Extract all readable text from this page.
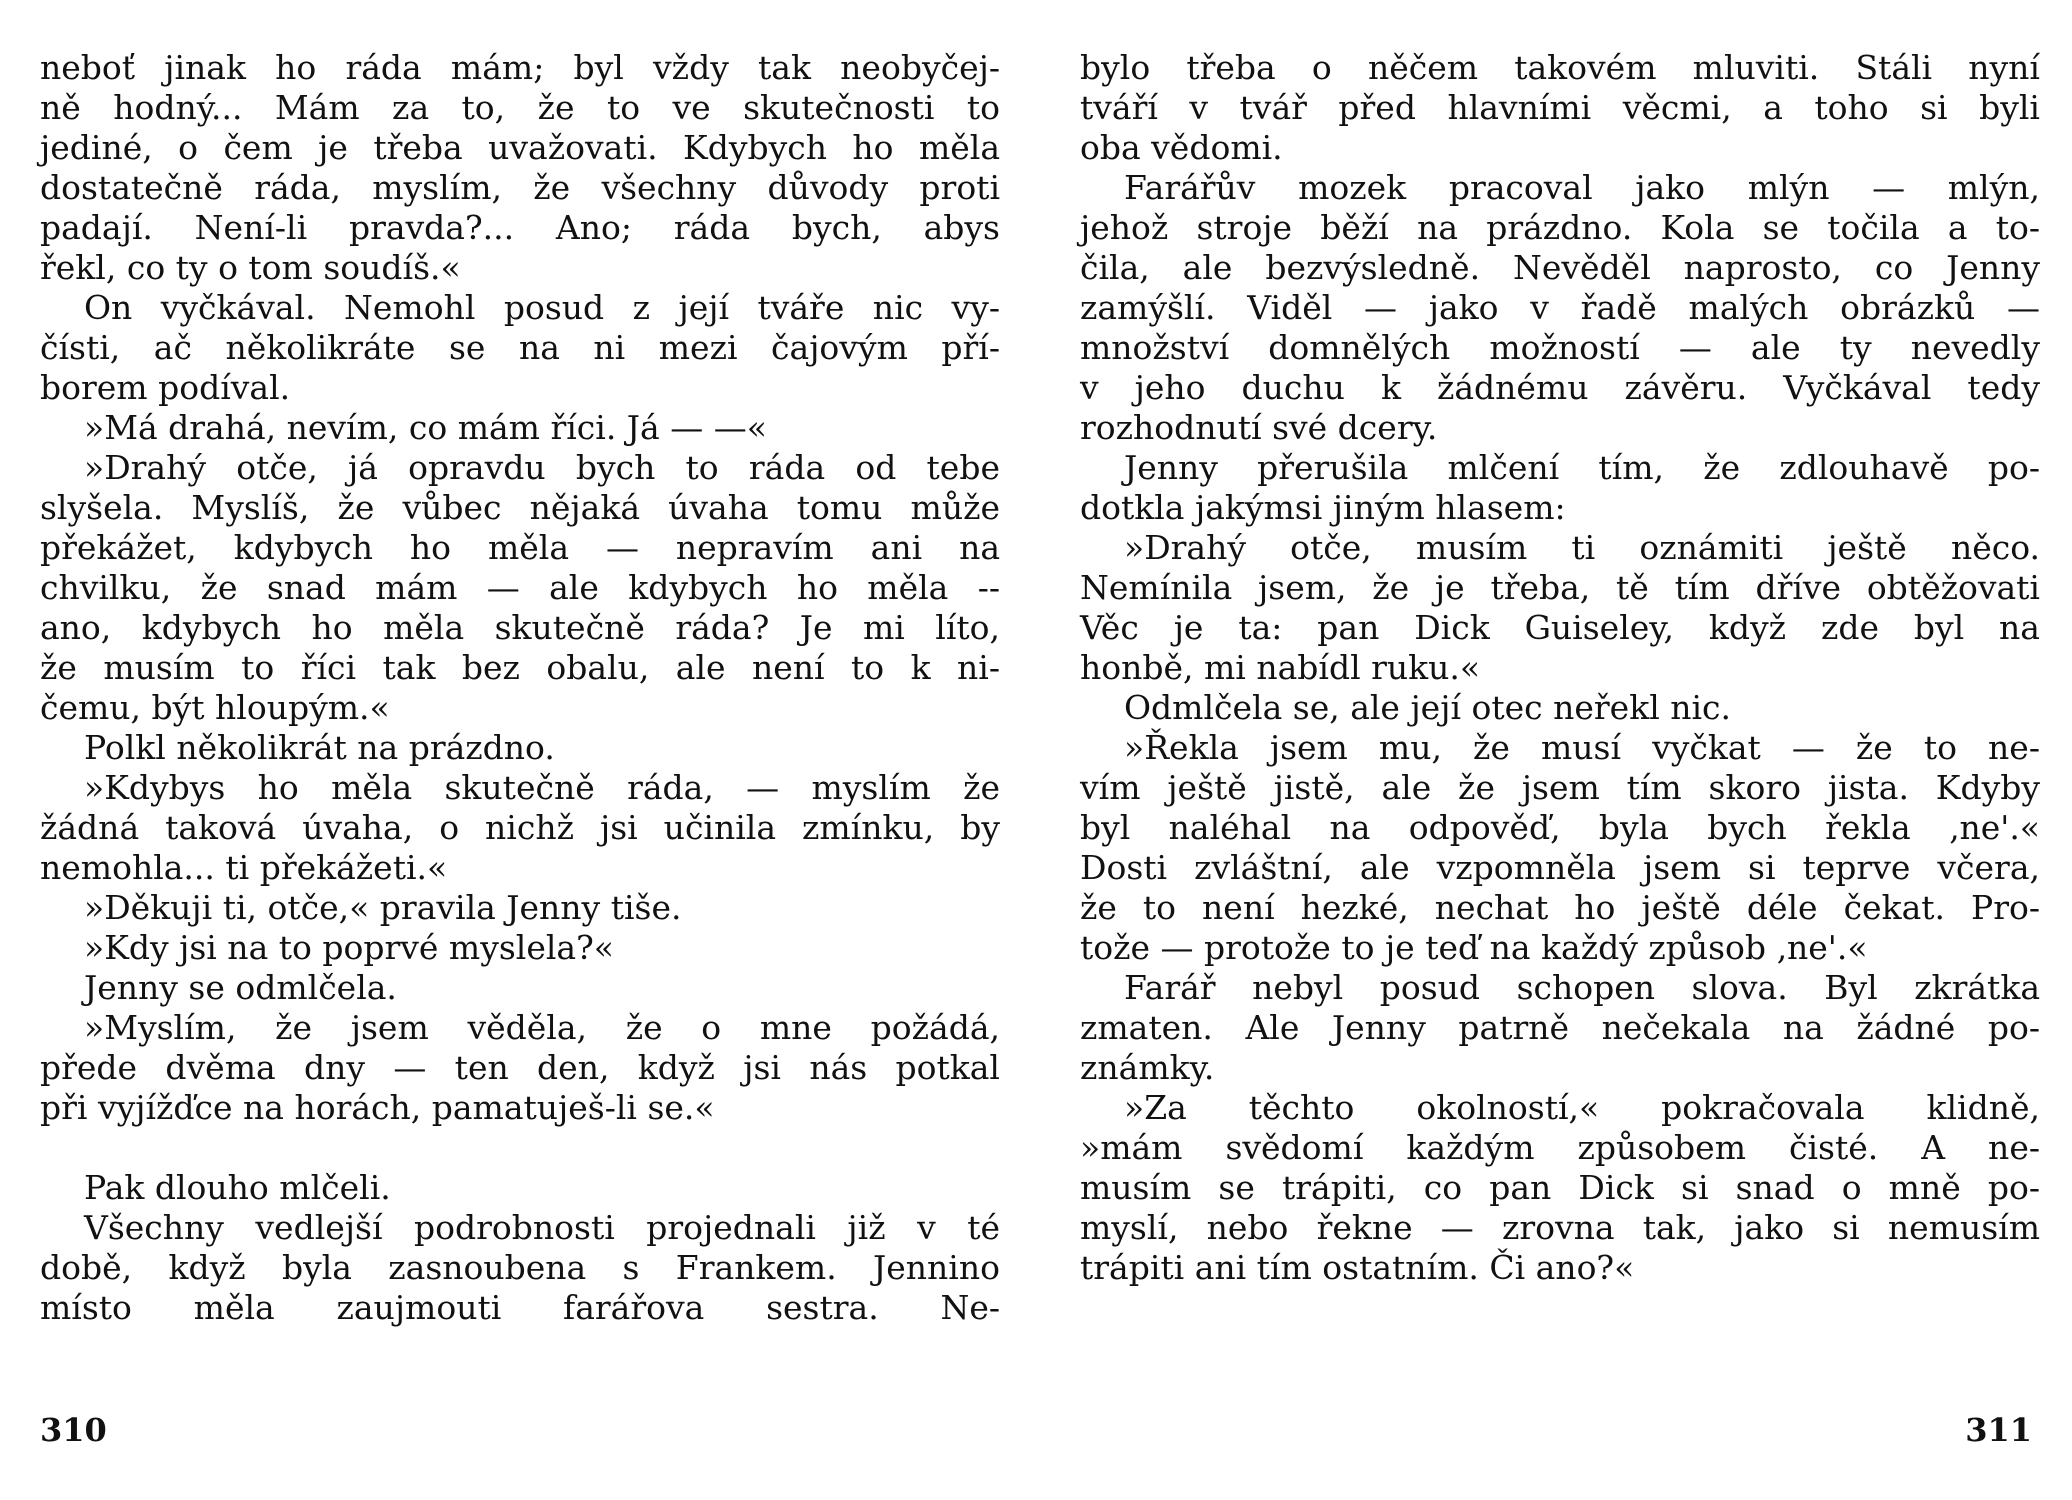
neboť jinak ho ráda mám; byl vždy tak neobyčej-
ně hodný... Mám za to, že to ve skutečnosti to
jediné, o čem je třeba uvažovati. Kdybych ho měla
dostatečně ráda, myslím, že všechny důvody proti
padají. Není-li pravda?... Ano; ráda bych, abys
řekl, co ty o tom soudíš.«
On vyčkával. Nemohl posud z její tváře nic vy-
čísti, ač několikráte se na ni mezi čajovým pří-
borem podíval.
»Má drahá, nevím, co mám říci. Já — —«
»Drahý otče, já opravdu bych to ráda od tebe
slyšela. Myslíš, že vůbec nějaká úvaha tomu může
překážet, kdybych ho měla — nepravím ani na
chvilku, že snad mám — ale kdybych ho měla --
ano, kdybych ho měla skutečně ráda? Je mi líto,
že musím to říci tak bez obalu, ale není to k ni-
čemu, být hloupým.«
Polkl několikrát na prázdno.
»Kdybys ho měla skutečně ráda, — myslím že
žádná taková úvaha, o nichž jsi učinila zmínku, by
nemohla... ti překážeti.«
»Děkuji ti, otče,« pravila Jenny tiše.
»Kdy jsi na to poprvé myslela?«
Jenny se odmlčela.
»Myslím, že jsem věděla, že o mne požádá,
přede dvěma dny — ten den, když jsi nás potkal
při vyjížďce na horách, pamatuješ-li se.«
Pak dlouho mlčeli.
Všechny vedlejší podrobnosti projednali již v té
době, když byla zasnoubena s Frankem. Jennino
místo měla zaujmouti farářova sestra. Ne-
310
bylo třeba o něčem takovém mluviti. Stáli nyní
tváří v tvář před hlavními věcmi, a toho si byli
oba vědomi.
Farářův mozek pracoval jako mlýn — mlýn,
jehož stroje běží na prázdno. Kola se točila a to-
čila, ale bezvýsledně. Nevěděl naprosto, co Jenny
zamýšlí. Viděl — jako v řadě malých obrázků —
množství domnělých možností — ale ty nevedly
v jeho duchu k žádnému závěru. Vyčkával tedy
rozhodnutí své dcery.
Jenny přerušila mlčení tím, že zdlouhavě po-
dotkla jakýmsi jiným hlasem:
»Drahý otče, musím ti oznámiti ještě něco.
Nemínila jsem, že je třeba, tě tím dříve obtěžovati
Věc je ta: pan Dick Guiseley, když zde byl na
honbě, mi nabídl ruku.«
Odmlčela se, ale její otec neřekl nic.
»Řekla jsem mu, že musí vyčkat — že to ne-
vím ještě jistě, ale že jsem tím skoro jista. Kdyby
byl naléhal na odpověď, byla bych řekla ‚ne'.«
Dosti zvláštní, ale vzpomněla jsem si teprve včera,
že to není hezké, nechat ho ještě déle čekat. Pro-
tože — protože to je teď na každý způsob ‚ne'.«
Farář nebyl posud schopen slova. Byl zkrátka
zmaten. Ale Jenny patrně nečekala na žádné po-
známky.
»Za těchto okolností,« pokračovala klidně,
»mám svědomí každým způsobem čisté. A ne-
musím se trápiti, co pan Dick si snad o mně po-
myslí, nebo řekne — zrovna tak, jako si nemusím
trápiti ani tím ostatním. Či ano?«
311
